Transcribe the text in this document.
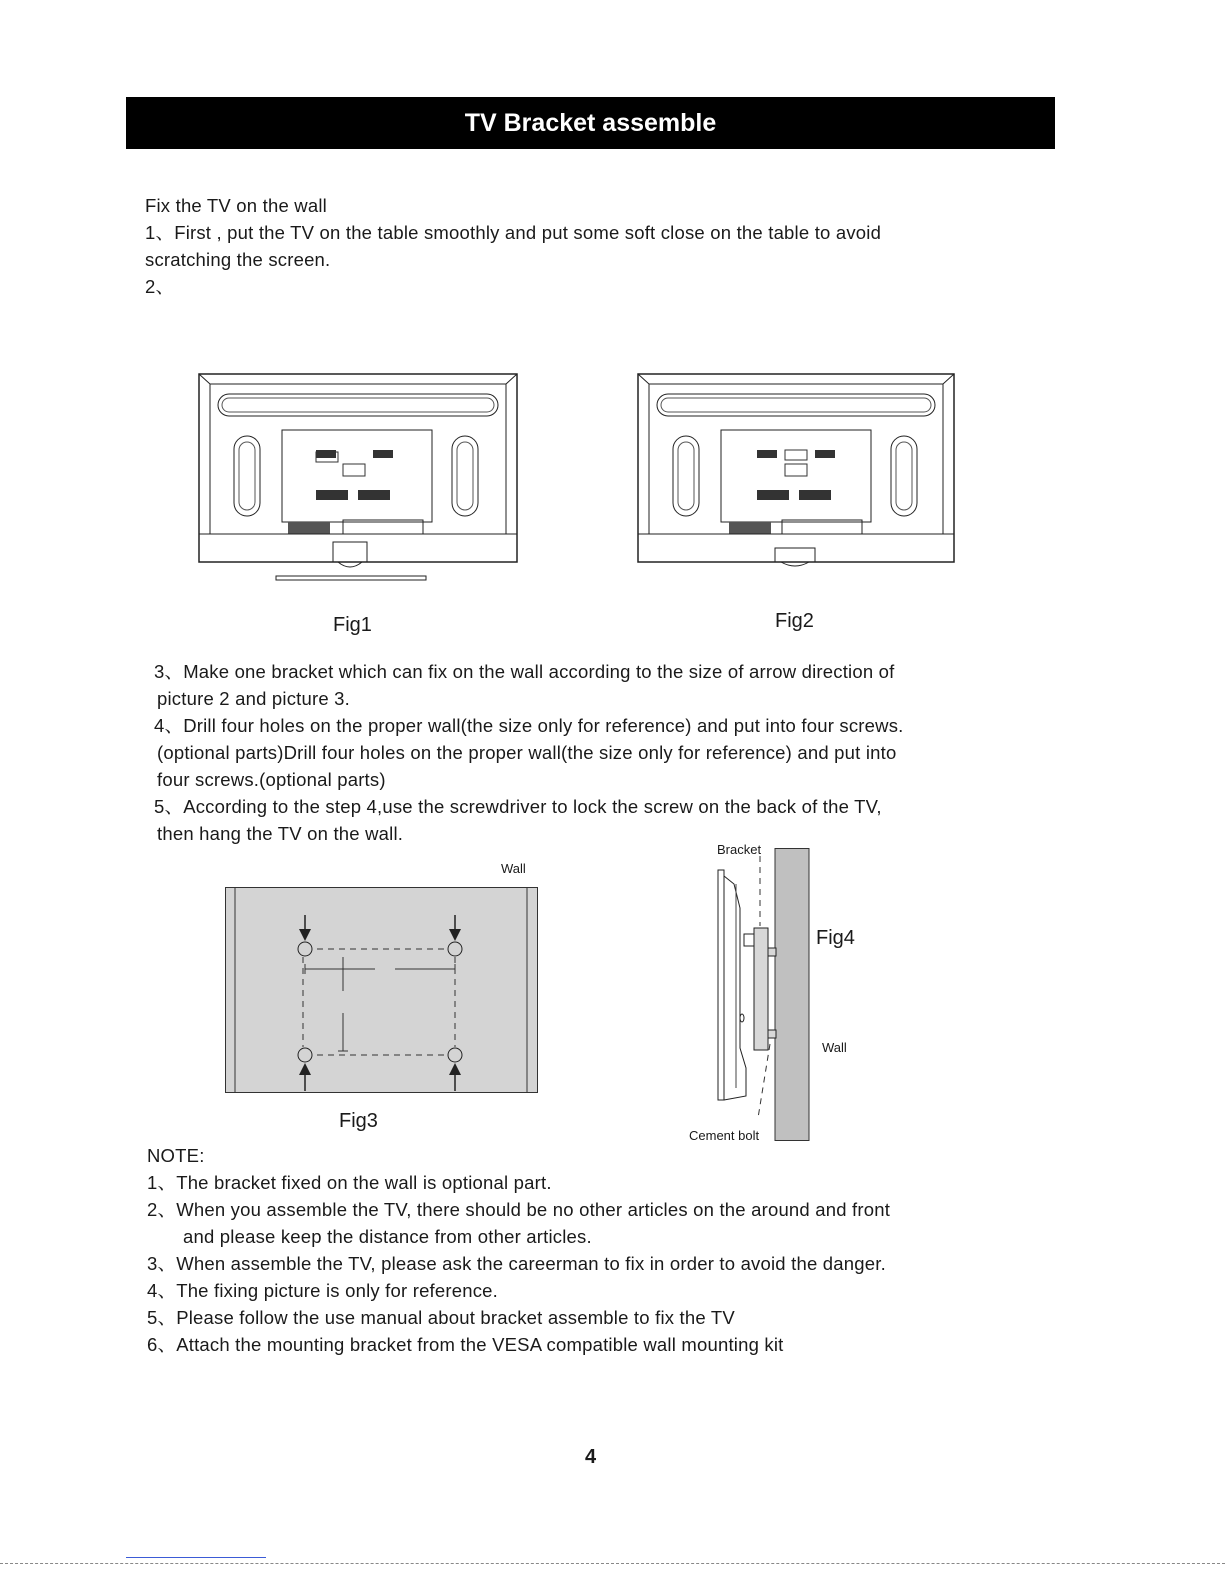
TV Bracket assemble
Fix the TV on the wall
1、First , put the TV on the table smoothly and put some soft close on the table to avoid
scratching the screen.
2、
Fig1	Fig2
3、Make one bracket which can fix on the wall according to the size of arrow direction of
picture 2 and picture 3.
4、Drill four holes on the proper wall(the size only for reference) and put into four screws.
(optional parts)Drill four holes on the proper wall(the size only for reference) and put into
four screws.(optional parts)
5、According to the step 4,use the screwdriver to lock the screw on the back of the TV,
then hang the TV on the wall.
Wall
Fig3
Bracket
Fig4
Wall
Cement bolt
NOTE:
1、The bracket fixed on the wall is optional part.
2、When you assemble the TV, there should be no other articles on the around and front
and please keep the distance from other articles.
3、When assemble the TV, please ask the careerman to fix in order to avoid the danger.
4、The fixing picture is only for reference.
5、Please follow the use manual about bracket assemble to fix the TV
6、Attach the mounting bracket from the VESA compatible wall mounting kit
4
